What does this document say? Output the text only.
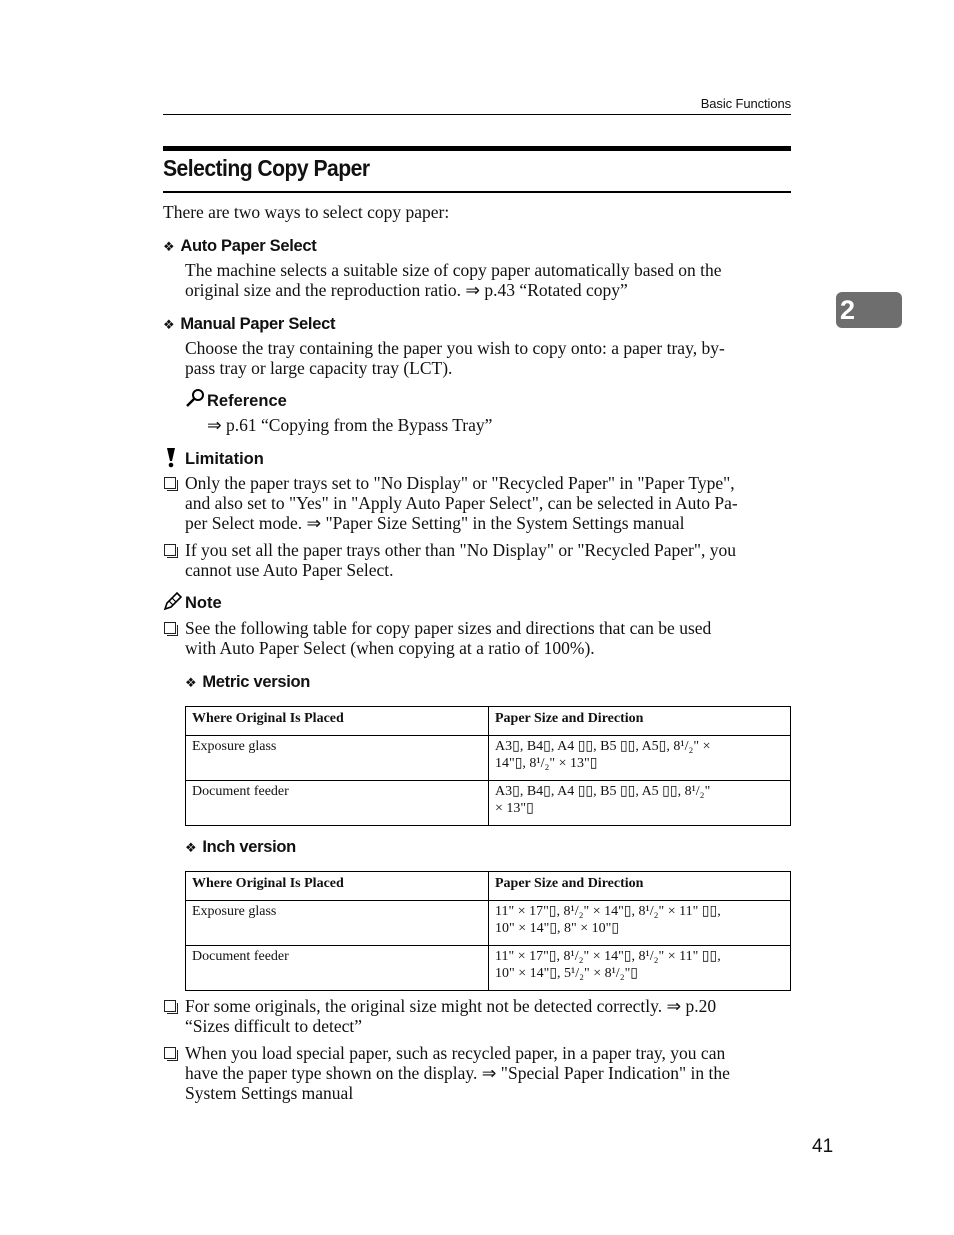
Basic Functions
2
Selecting Copy Paper
There are two ways to select copy paper:
❖ Auto Paper Select
The machine selects a suitable size of copy paper automatically based on the
original size and the reproduction ratio. ⇒ p.43 “Rotated copy”
❖ Manual Paper Select
Choose the tray containing the paper you wish to copy onto: a paper tray, by-
pass tray or large capacity tray (LCT).
Reference
⇒ p.61 “Copying from the Bypass Tray”
Limitation
Only the paper trays set to "No Display" or "Recycled Paper" in "Paper Type",
and also set to "Yes" in "Apply Auto Paper Select", can be selected in Auto Pa-
per Select mode. ⇒ "Paper Size Setting" in the System Settings manual
If you set all the paper trays other than "No Display" or "Recycled Paper", you
cannot use Auto Paper Select.
Note
See the following table for copy paper sizes and directions that can be used
with Auto Paper Select (when copying at a ratio of 100%).
❖ Metric version
Where Original Is Placed	Paper Size and Direction
Exposure glass	A3▯, B4▯, A4 ▯▯, B5 ▯▯, A5▯, 8¹/₂" ×
14"▯, 8¹/₂" × 13"▯

Document feeder	A3▯, B4▯, A4 ▯▯, B5 ▯▯, A5 ▯▯, 8¹/₂"
× 13"▯
❖ Inch version
Where Original Is Placed	Paper Size and Direction
Exposure glass	11" × 17"▯, 8¹/₂" × 14"▯, 8¹/₂" × 11" ▯▯,
10" × 14"▯, 8" × 10"▯

Document feeder	11" × 17"▯, 8¹/₂" × 14"▯, 8¹/₂" × 11" ▯▯,
10" × 14"▯, 5¹/₂" × 8¹/₂"▯
For some originals, the original size might not be detected correctly. ⇒ p.20
“Sizes difficult to detect”
When you load special paper, such as recycled paper, in a paper tray, you can
have the paper type shown on the display. ⇒ "Special Paper Indication" in the
System Settings manual
41
